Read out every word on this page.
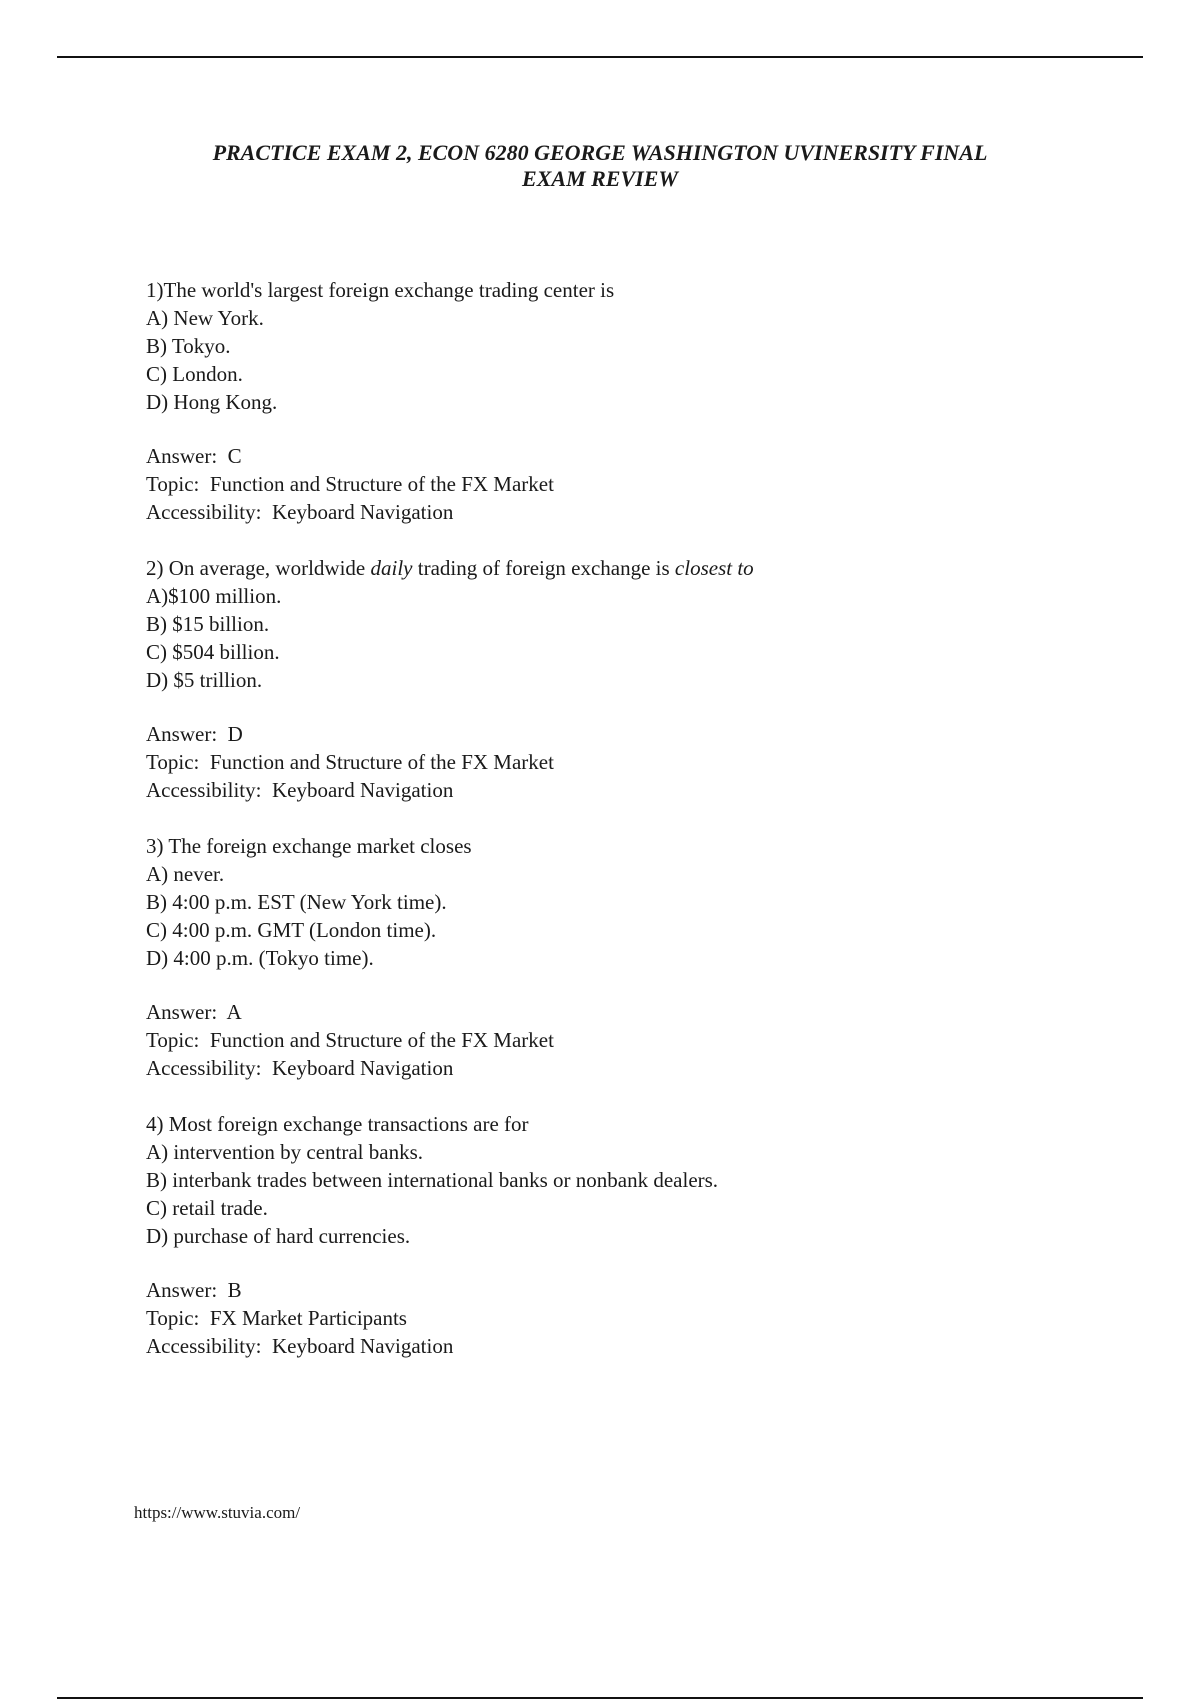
PRACTICE EXAM 2, ECON 6280 GEORGE WASHINGTON UVINERSITY FINAL
EXAM REVIEW
1)The world's largest foreign exchange trading center is
A) New York.
B) Tokyo.
C) London.
D) Hong Kong.
Answer:  C
Topic:  Function and Structure of the FX Market
Accessibility:  Keyboard Navigation
2) On average, worldwide daily trading of foreign exchange is closest to
A)$100 million.
B) $15 billion.
C) $504 billion.
D) $5 trillion.
Answer:  D
Topic:  Function and Structure of the FX Market
Accessibility:  Keyboard Navigation
3) The foreign exchange market closes
A) never.
B) 4:00 p.m. EST (New York time).
C) 4:00 p.m. GMT (London time).
D) 4:00 p.m. (Tokyo time).
Answer:  A
Topic:  Function and Structure of the FX Market
Accessibility:  Keyboard Navigation
4) Most foreign exchange transactions are for
A) intervention by central banks.
B) interbank trades between international banks or nonbank dealers.
C) retail trade.
D) purchase of hard currencies.
Answer:  B
Topic:  FX Market Participants
Accessibility:  Keyboard Navigation
https://www.stuvia.com/
